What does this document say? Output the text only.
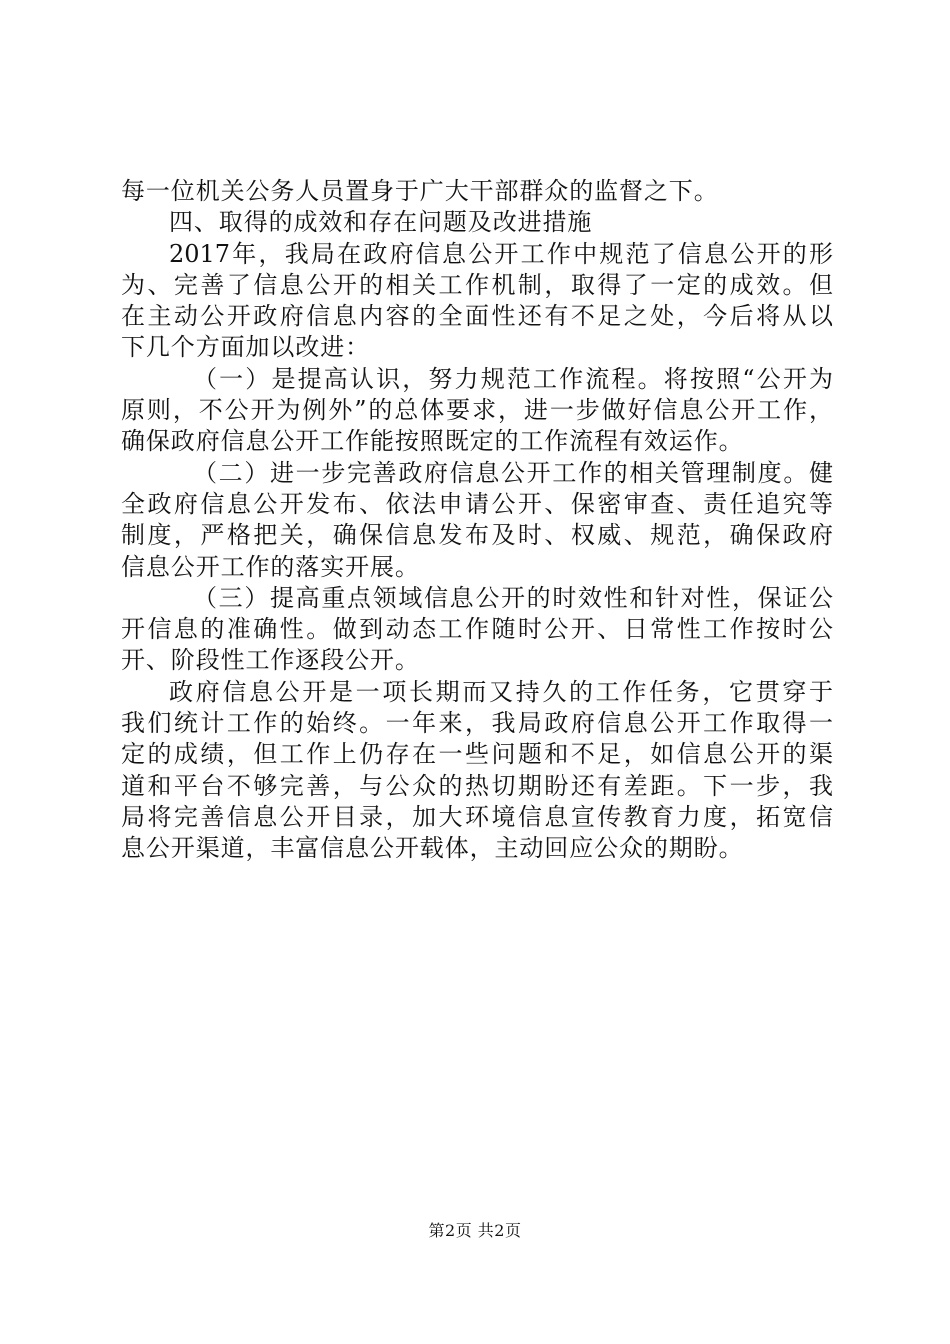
每一位机关公务人员置身于广大干部群众的监督之下。
四、取得的成效和存在问题及改进措施
2017年，我局在政府信息公开工作中规范了信息公开的形
为、完善了信息公开的相关工作机制，取得了一定的成效。但
在主动公开政府信息内容的全面性还有不足之处，今后将从以
下几个方面加以改进：
（一）是提高认识，努力规范工作流程。将按照“公开为
原则，不公开为例外”的总体要求，进一步做好信息公开工作，
确保政府信息公开工作能按照既定的工作流程有效运作。
（二）进一步完善政府信息公开工作的相关管理制度。健
全政府信息公开发布、依法申请公开、保密审查、责任追究等
制度，严格把关，确保信息发布及时、权威、规范，确保政府
信息公开工作的落实开展。
（三）提高重点领域信息公开的时效性和针对性，保证公
开信息的准确性。做到动态工作随时公开、日常性工作按时公
开、阶段性工作逐段公开。
政府信息公开是一项长期而又持久的工作任务，它贯穿于
我们统计工作的始终。一年来，我局政府信息公开工作取得一
定的成绩，但工作上仍存在一些问题和不足，如信息公开的渠
道和平台不够完善，与公众的热切期盼还有差距。下一步，我
局将完善信息公开目录，加大环境信息宣传教育力度，拓宽信
息公开渠道，丰富信息公开载体，主动回应公众的期盼。
第2页 共2页
